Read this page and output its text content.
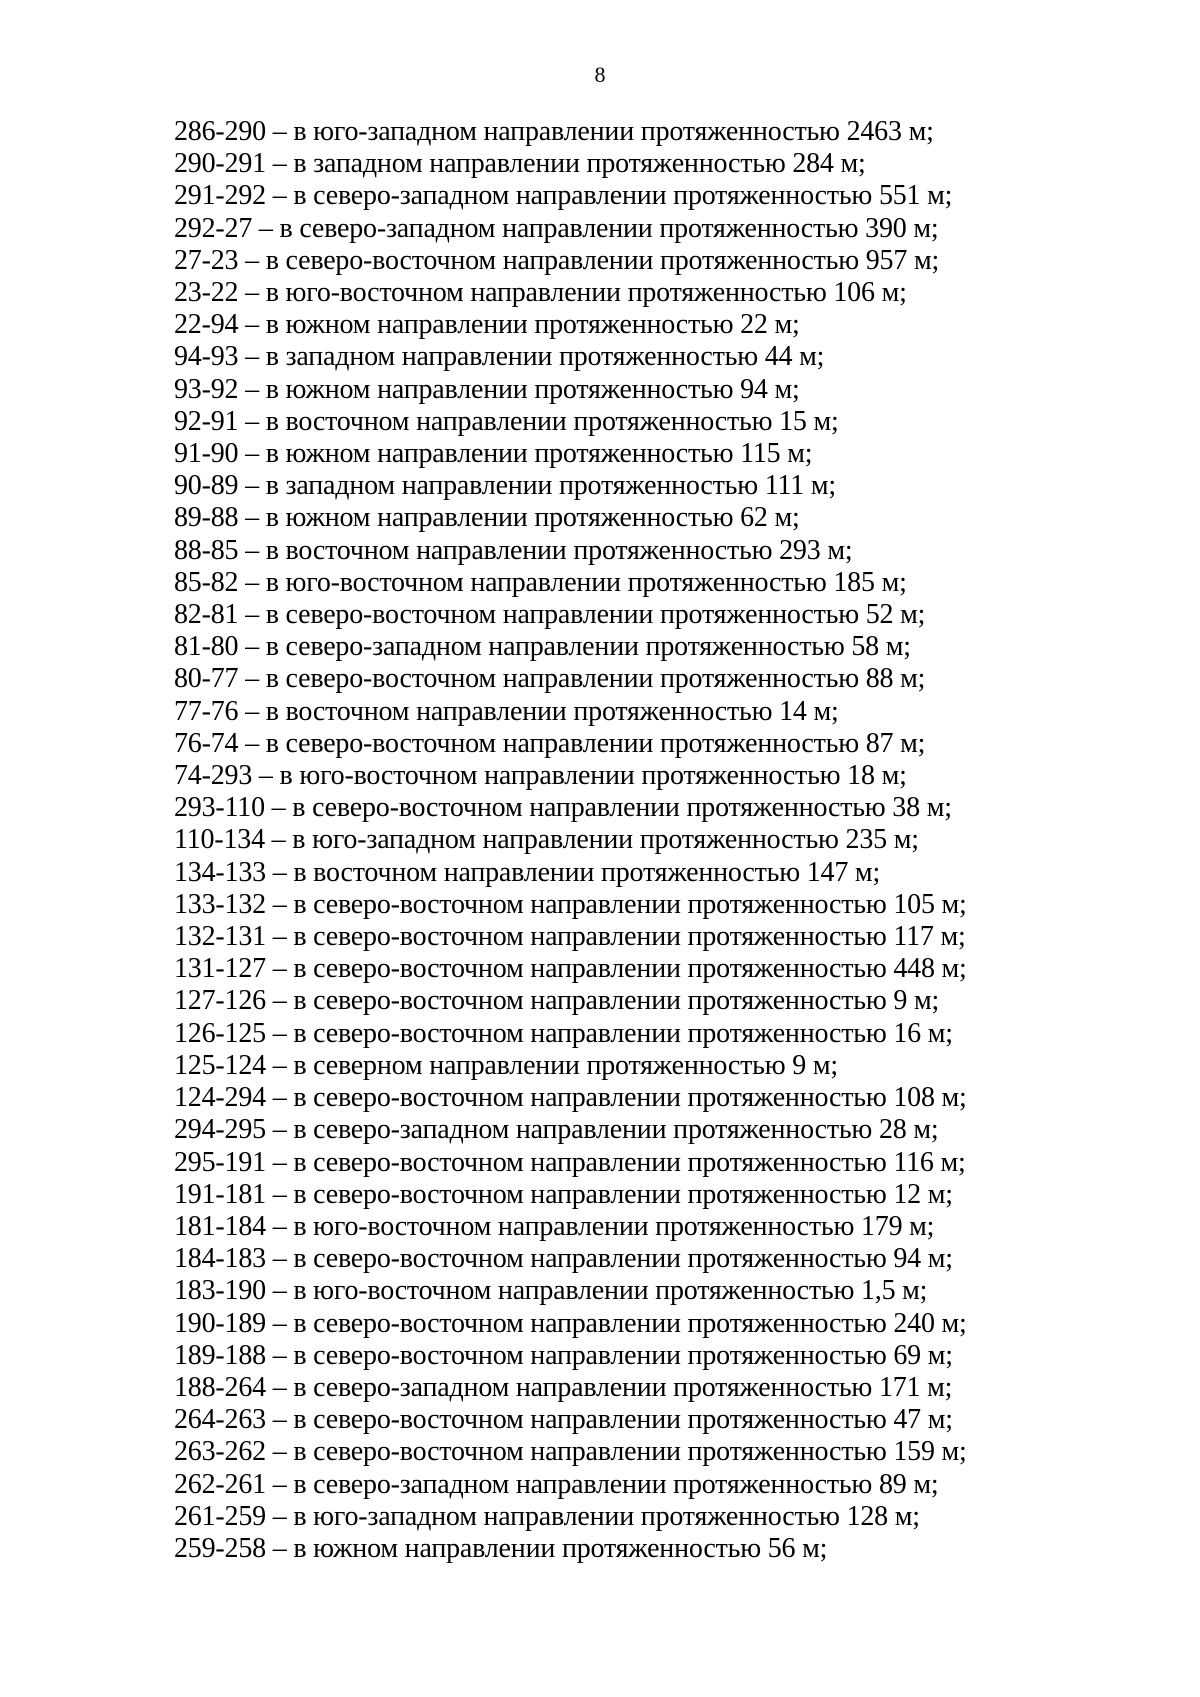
8
286-290 – в юго-западном направлении протяженностью 2463 м;
290-291 – в западном направлении протяженностью 284 м;
291-292 – в северо-западном направлении протяженностью 551 м;
292-27 – в северо-западном направлении протяженностью 390 м;
27-23 – в северо-восточном направлении протяженностью 957 м;
23-22 – в юго-восточном направлении протяженностью 106 м;
22-94 – в южном направлении протяженностью 22 м;
94-93 – в западном направлении протяженностью 44 м;
93-92 – в южном направлении протяженностью 94 м;
92-91 – в восточном направлении протяженностью 15 м;
91-90 – в южном направлении протяженностью 115 м;
90-89 – в западном направлении протяженностью 111 м;
89-88 – в южном направлении протяженностью 62 м;
88-85 – в восточном направлении протяженностью 293 м;
85-82 – в юго-восточном направлении протяженностью 185 м;
82-81 – в северо-восточном направлении протяженностью 52 м;
81-80 – в северо-западном направлении протяженностью 58 м;
80-77 – в северо-восточном направлении протяженностью 88 м;
77-76 – в восточном направлении протяженностью 14 м;
76-74 – в северо-восточном направлении протяженностью 87 м;
74-293 – в юго-восточном направлении протяженностью 18 м;
293-110 – в северо-восточном направлении протяженностью 38 м;
110-134 – в юго-западном направлении протяженностью 235 м;
134-133 – в восточном направлении протяженностью 147 м;
133-132 – в северо-восточном направлении протяженностью 105 м;
132-131 – в северо-восточном направлении протяженностью 117 м;
131-127 – в северо-восточном направлении протяженностью 448 м;
127-126 – в северо-восточном направлении протяженностью 9 м;
126-125 – в северо-восточном направлении протяженностью 16 м;
125-124 – в северном направлении протяженностью 9 м;
124-294 – в северо-восточном направлении протяженностью 108 м;
294-295 – в северо-западном направлении протяженностью 28 м;
295-191 – в северо-восточном направлении протяженностью 116 м;
191-181 – в северо-восточном направлении протяженностью 12 м;
181-184 – в юго-восточном направлении протяженностью 179 м;
184-183 – в северо-восточном направлении протяженностью 94 м;
183-190 – в юго-восточном направлении протяженностью 1,5 м;
190-189 – в северо-восточном направлении протяженностью 240 м;
189-188 – в северо-восточном направлении протяженностью 69 м;
188-264 – в северо-западном направлении протяженностью 171 м;
264-263 – в северо-восточном направлении протяженностью 47 м;
263-262 – в северо-восточном направлении протяженностью 159 м;
262-261 – в северо-западном направлении протяженностью 89 м;
261-259 – в юго-западном направлении протяженностью 128 м;
259-258 – в южном направлении протяженностью 56 м;
